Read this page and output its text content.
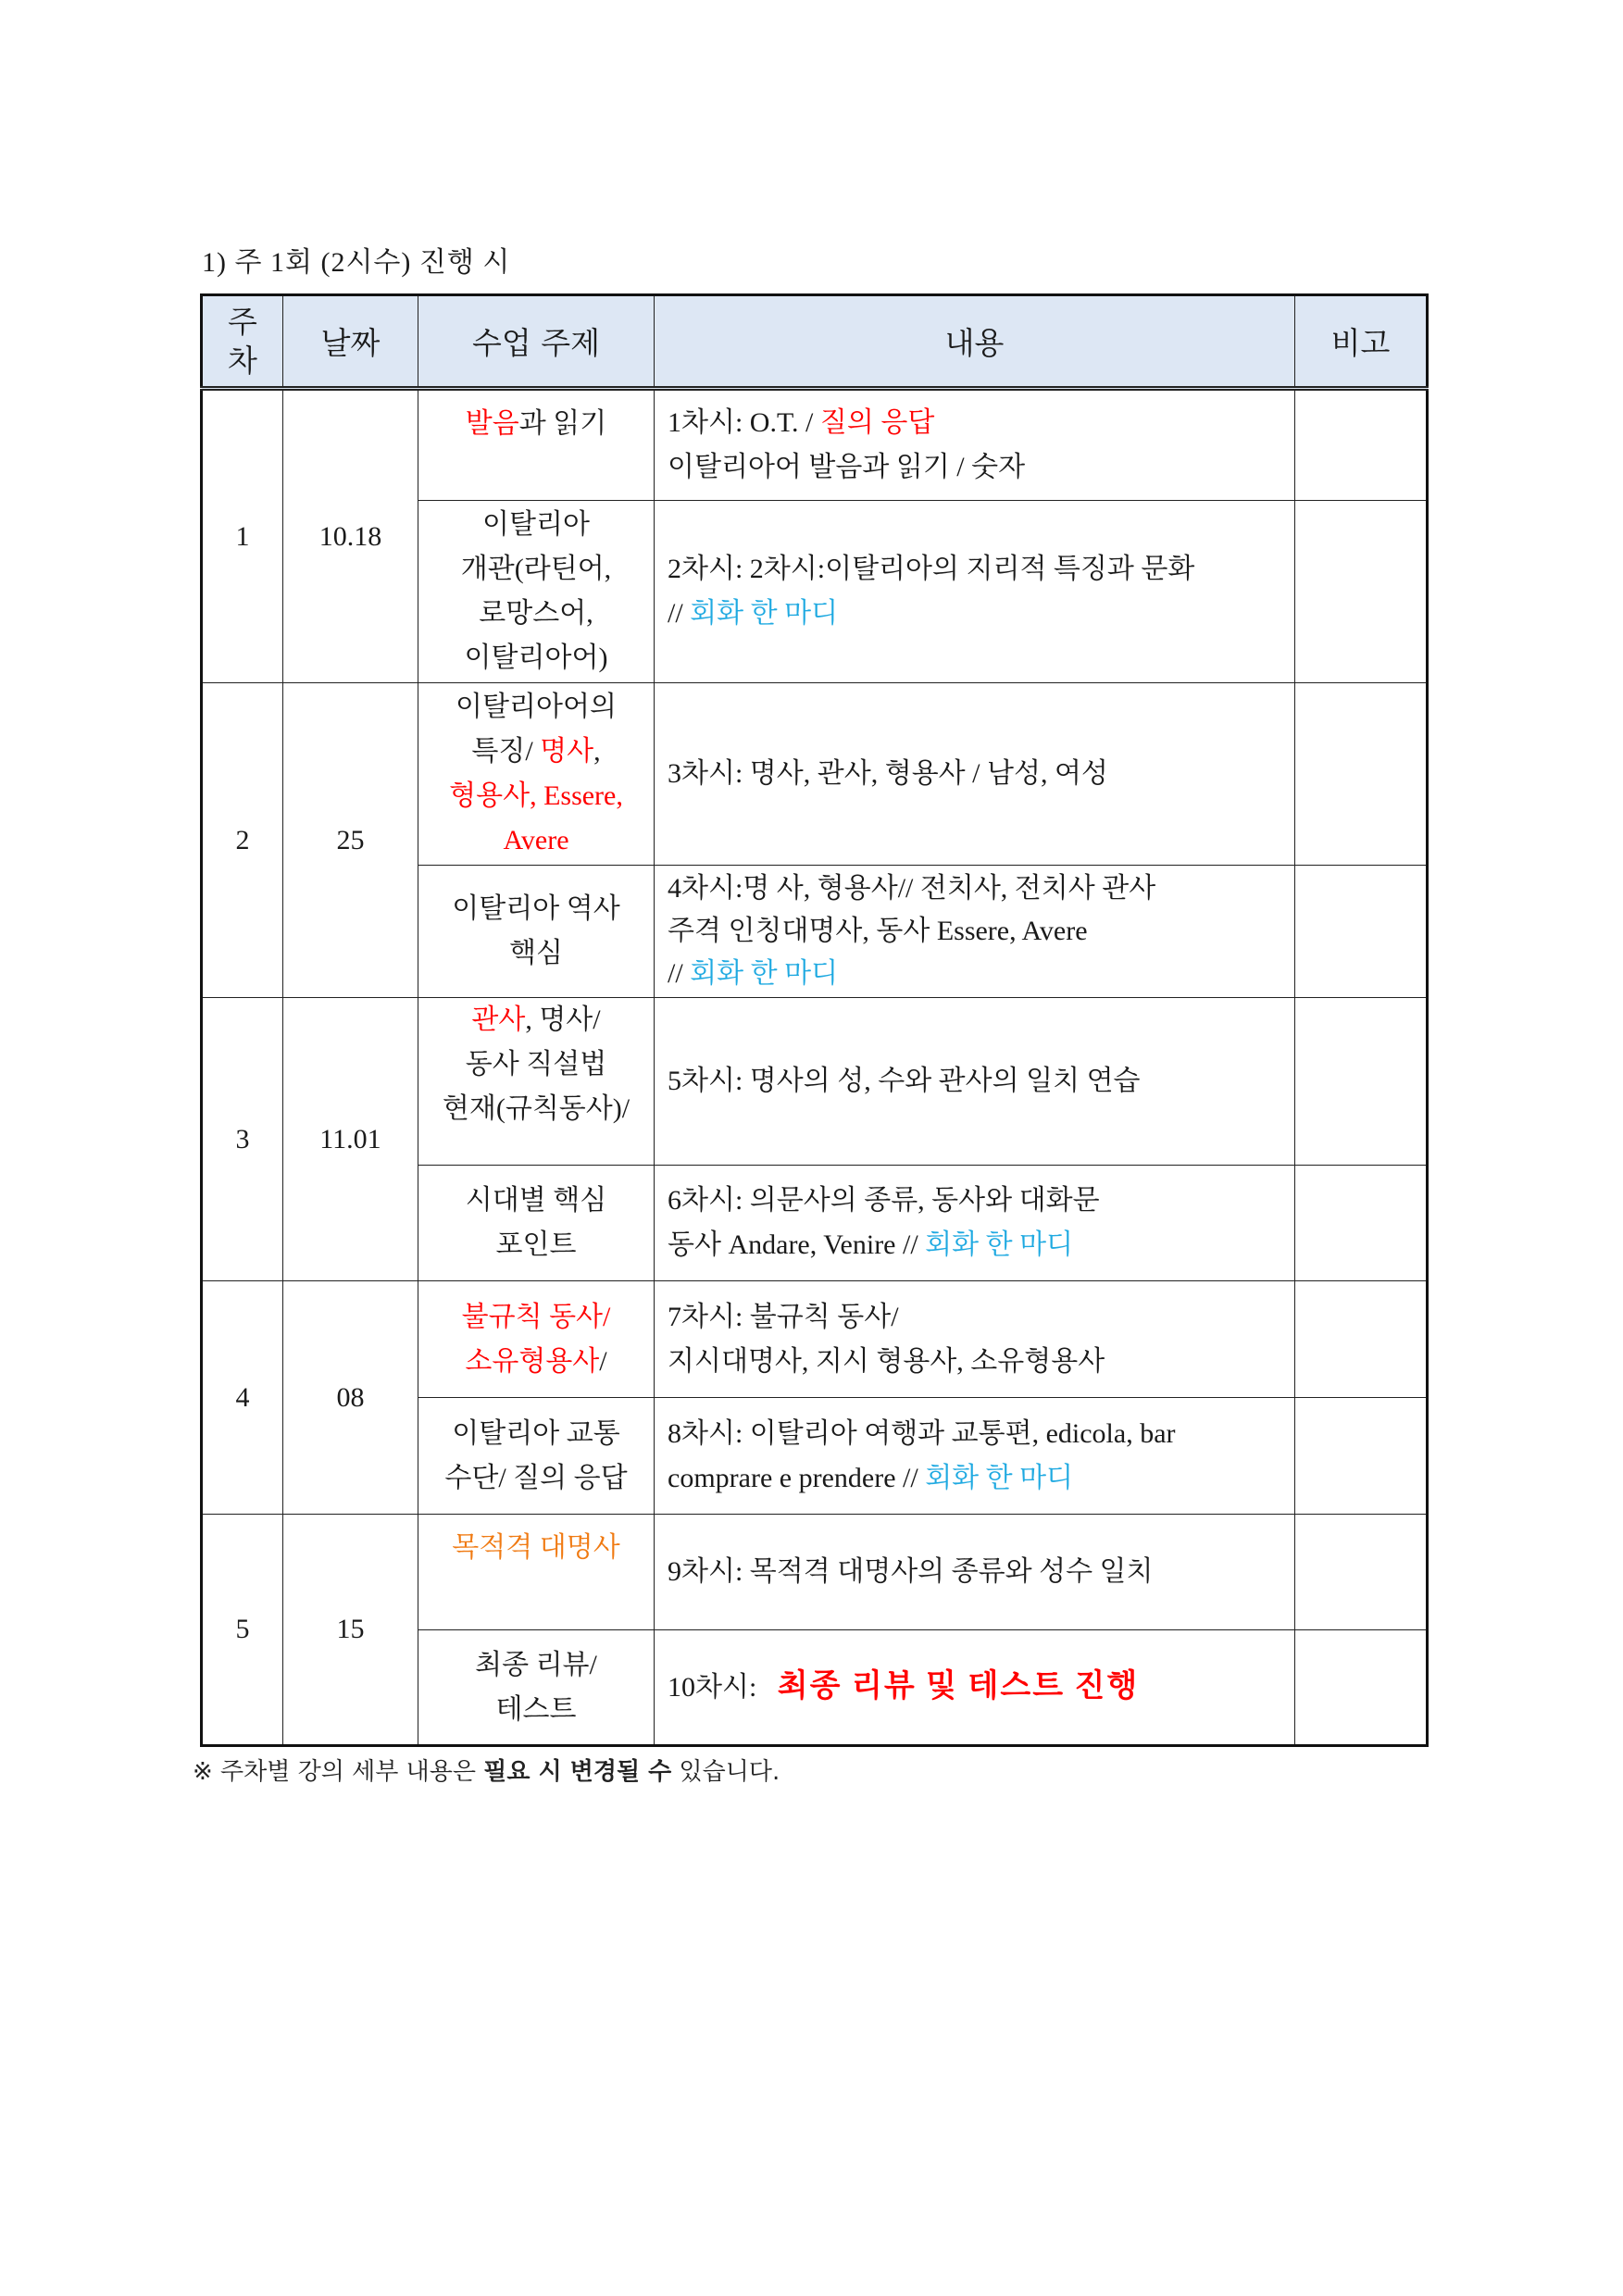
1) 주 1회 (2시수) 진행 시
주
차	날짜	수업 주제	내용	비고
1	10.18	발음과 읽기	1차시: O.T. / 질의 응답
이탈리아어 발음과 읽기 / 숫자	
		이탈리아
개관(라틴어,
로망스어,
이탈리아어)	2차시: 2차시:이탈리아의 지리적 특징과 문화
// 회화 한 마디	
2	25	이탈리아어의
특징/ 명사,
형용사, Essere,
Avere	3차시: 명사, 관사, 형용사 / 남성, 여성	
		이탈리아 역사
핵심	4차시:명 사, 형용사// 전치사, 전치사 관사
주격 인칭대명사, 동사 Essere, Avere
// 회화 한 마디	
3	11.01	관사, 명사/
동사 직설법
현재(규칙동사)/	5차시: 명사의 성, 수와 관사의 일치 연습	
		시대별 핵심
포인트	6차시: 의문사의 종류, 동사와 대화문
동사 Andare, Venire // 회화 한 마디	
4	08	불규칙 동사/
소유형용사/	7차시: 불규칙 동사/
지시대명사, 지시 형용사, 소유형용사	
		이탈리아 교통
수단/ 질의 응답	8차시: 이탈리아 여행과 교통편, edicola, bar
comprare e prendere // 회화 한 마디	
5	15	목적격 대명사	9차시: 목적격 대명사의 종류와 성수 일치	
		최종 리뷰/
테스트	10차시:   최종 리뷰 및 테스트 진행	
※ 주차별 강의 세부 내용은 필요 시 변경될 수 있습니다.
